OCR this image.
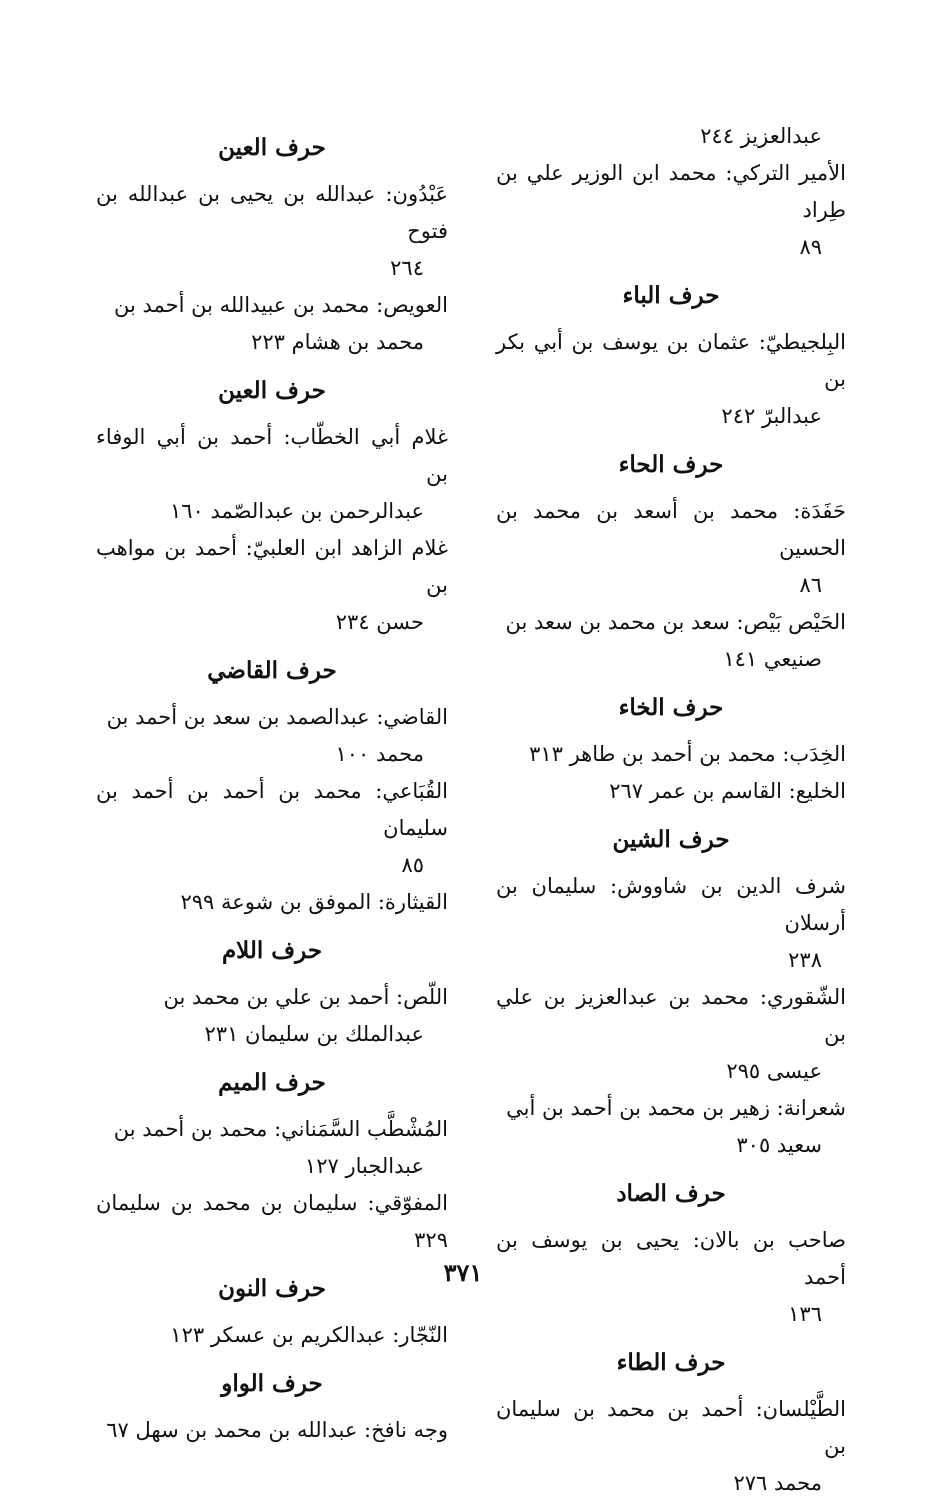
عبدالعزيز ٢٤٤
الأمير التركي: محمد ابن الوزير علي بن طِراد
٨٩
حرف الباء
البِلجيطيّ: عثمان بن يوسف بن أبي بكر بن
عبدالبرّ ٢٤٢
حرف الحاء
حَفَدَة: محمد بن أسعد بن محمد بن الحسين
٨٦
الحَيْص بَيْص: سعد بن محمد بن سعد بن
صنيعي ١٤١
حرف الخاء
الخِدَب: محمد بن أحمد بن طاهر ٣١٣
الخليع: القاسم بن عمر ٢٦٧
حرف الشين
شرف الدين بن شاووش: سليمان بن أرسلان
٢٣٨
الشّقوري: محمد بن عبدالعزيز بن علي بن
عيسى ٢٩٥
شعرانة: زهير بن محمد بن أحمد بن أبي
سعيد ٣٠٥
حرف الصاد
صاحب بن بالان: يحيى بن يوسف بن أحمد
١٣٦
حرف الطاء
الطَّيْلسان: أحمد بن محمد بن سليمان بن
محمد ٢٧٦
حرف العين
عَبْدُون: عبدالله بن يحيى بن عبدالله بن فتوح
٢٦٤
العويص: محمد بن عبيدالله بن أحمد بن
محمد بن هشام ٢٢٣
حرف العين
غلام أبي الخطّاب: أحمد بن أبي الوفاء بن
عبدالرحمن بن عبدالصّمد ١٦٠
غلام الزاهد ابن العلبيّ: أحمد بن مواهب بن
حسن ٢٣٤
حرف القاضي
القاضي: عبدالصمد بن سعد بن أحمد بن
محمد ١٠٠
القُبَاعي: محمد بن أحمد بن أحمد بن سليمان
٨٥
القيثارة: الموفق بن شوعة ٢٩٩
حرف اللام
اللّص: أحمد بن علي بن محمد بن
عبدالملك بن سليمان ٢٣١
حرف الميم
المُشْطَّب السَّمَناني: محمد بن أحمد بن
عبدالجبار ١٢٧
المفوّقي: سليمان بن محمد بن سليمان ٣٢٩
حرف النون
النّجّار: عبدالكريم بن عسكر ١٢٣
حرف الواو
وجه نافخ: عبدالله بن محمد بن سهل ٦٧
٣٧١
